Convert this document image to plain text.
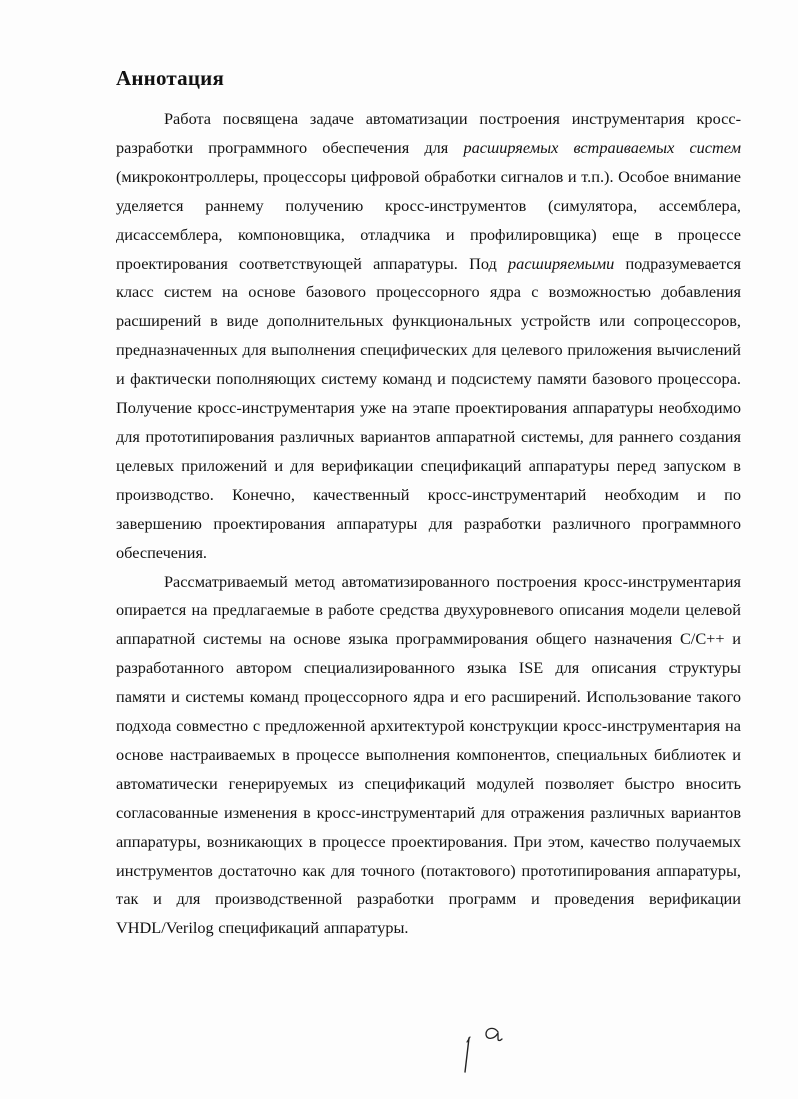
Аннотация

Работа посвящена задаче автоматизации построения инструментария кросс-разработки программного обеспечения для расширяемых встраиваемых систем (микроконтроллеры, процессоры цифровой обработки сигналов и т.п.). Особое внимание уделяется раннему получению кросс-инструментов (симулятора, ассемблера, дисассемблера, компоновщика, отладчика и профилировщика) еще в процессе проектирования соответствующей аппаратуры. Под расширяемыми подразумевается класс систем на основе базового процессорного ядра с возможностью добавления расширений в виде дополнительных функциональных устройств или сопроцессоров, предназначенных для выполнения специфических для целевого приложения вычислений и фактически пополняющих систему команд и подсистему памяти базового процессора. Получение кросс-инструментария уже на этапе проектирования аппаратуры необходимо для прототипирования различных вариантов аппаратной системы, для раннего создания целевых приложений и для верификации спецификаций аппаратуры перед запуском в производство. Конечно, качественный кросс-инструментарий необходим и по завершению проектирования аппаратуры для разработки различного программного обеспечения.

Рассматриваемый метод автоматизированного построения кросс-инструментария опирается на предлагаемые в работе средства двухуровневого описания модели целевой аппаратной системы на основе языка программирования общего назначения C/C++ и разработанного автором специализированного языка ISE для описания структуры памяти и системы команд процессорного ядра и его расширений. Использование такого подхода совместно с предложенной архитектурой конструкции кросс-инструментария на основе настраиваемых в процессе выполнения компонентов, специальных библиотек и автоматически генерируемых из спецификаций модулей позволяет быстро вносить согласованные изменения в кросс-инструментарий для отражения различных вариантов аппаратуры, возникающих в процессе проектирования. При этом, качество получаемых инструментов достаточно как для точного (потактового) прототипирования аппаратуры, так и для производственной разработки программ и проведения верификации VHDL/Verilog спецификаций аппаратуры.
